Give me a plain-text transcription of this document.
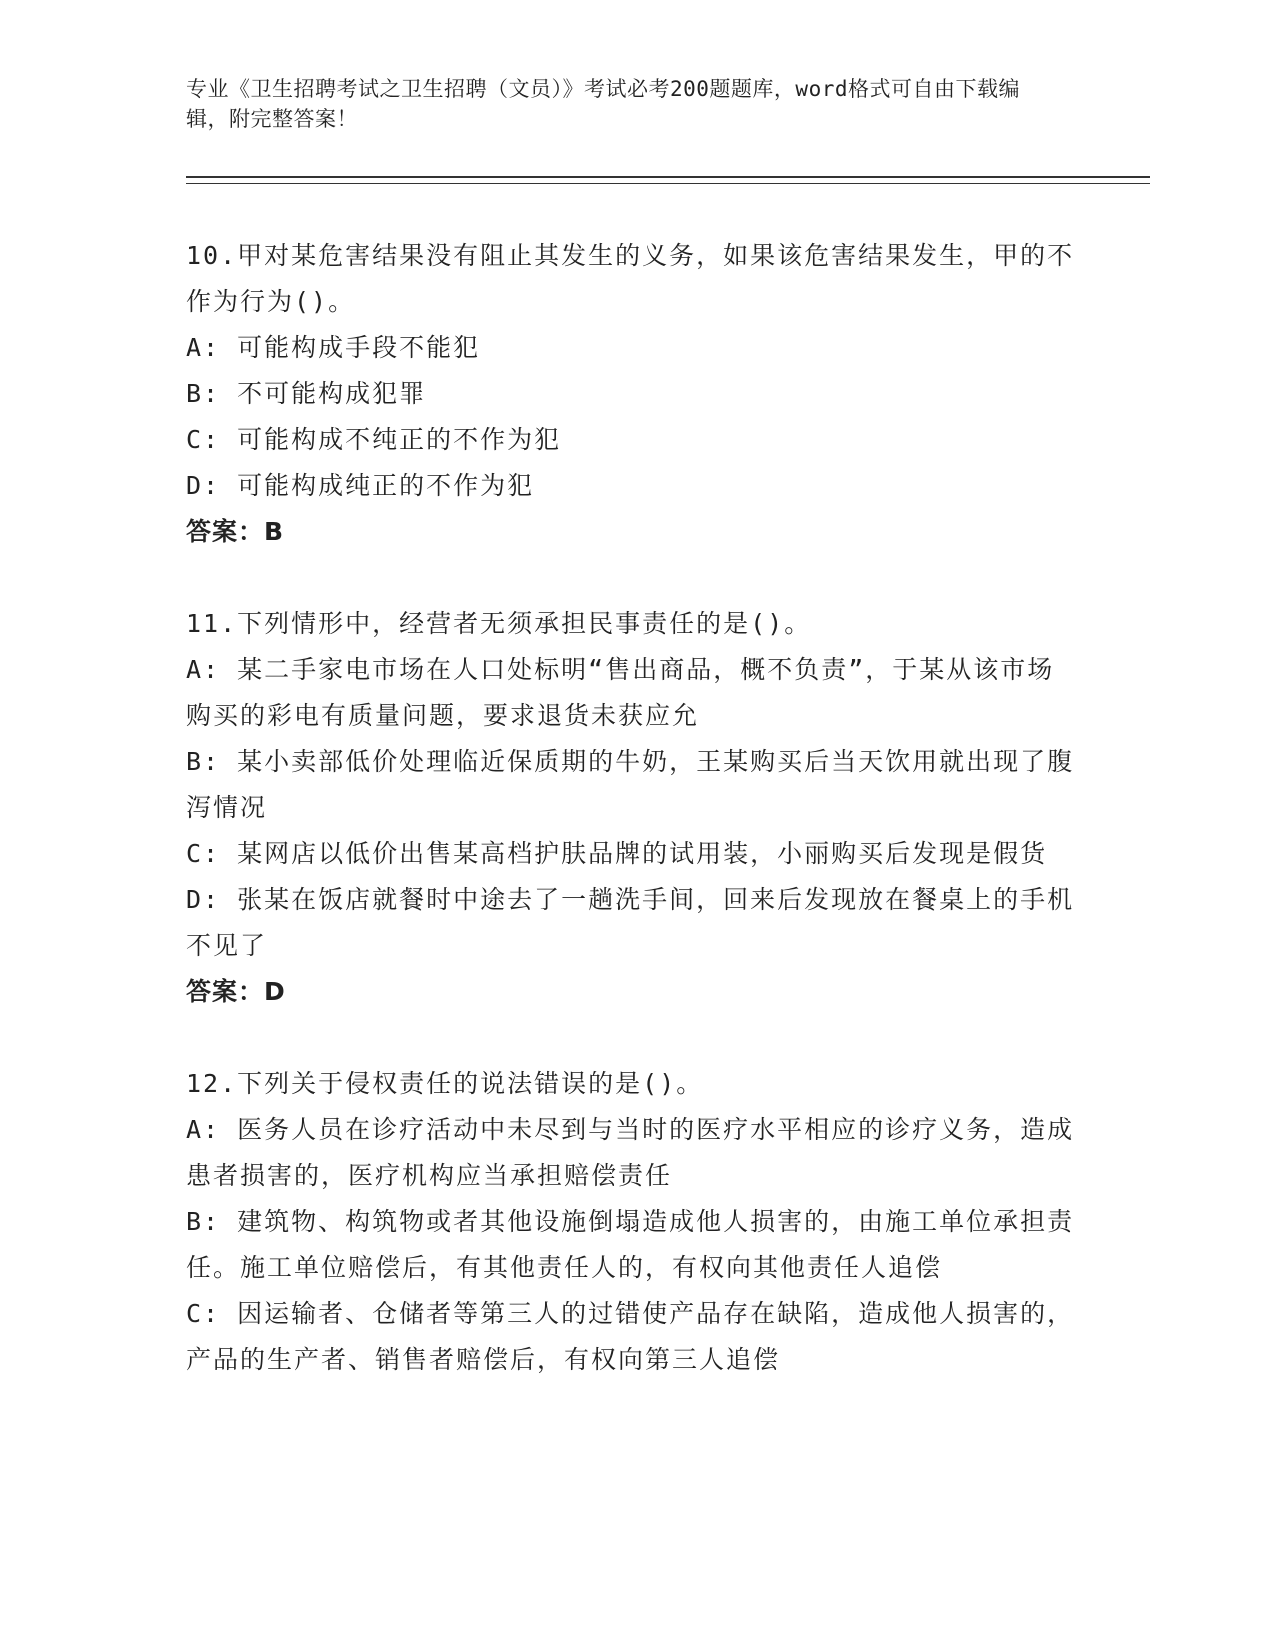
专业《卫生招聘考试之卫生招聘（文员）》考试必考200题题库，word格式可自由下载编辑，附完整答案！

10.甲对某危害结果没有阻止其发生的义务，如果该危害结果发生，甲的不作为行为()。

A: 可能构成手段不能犯

B: 不可能构成犯罪

C: 可能构成不纯正的不作为犯

D: 可能构成纯正的不作为犯

答案：B

11.下列情形中，经营者无须承担民事责任的是()。

A: 某二手家电市场在人口处标明“售出商品，概不负责”，于某从该市场购买的彩电有质量问题，要求退货未获应允

B: 某小卖部低价处理临近保质期的牛奶，王某购买后当天饮用就出现了腹泻情况

C: 某网店以低价出售某高档护肤品牌的试用装，小丽购买后发现是假货

D: 张某在饭店就餐时中途去了一趟洗手间，回来后发现放在餐桌上的手机不见了

答案：D

12.下列关于侵权责任的说法错误的是()。

A: 医务人员在诊疗活动中未尽到与当时的医疗水平相应的诊疗义务，造成患者损害的，医疗机构应当承担赔偿责任

B: 建筑物、构筑物或者其他设施倒塌造成他人损害的，由施工单位承担责任。施工单位赔偿后，有其他责任人的，有权向其他责任人追偿

C: 因运输者、仓储者等第三人的过错使产品存在缺陷，造成他人损害的，产品的生产者、销售者赔偿后，有权向第三人追偿
